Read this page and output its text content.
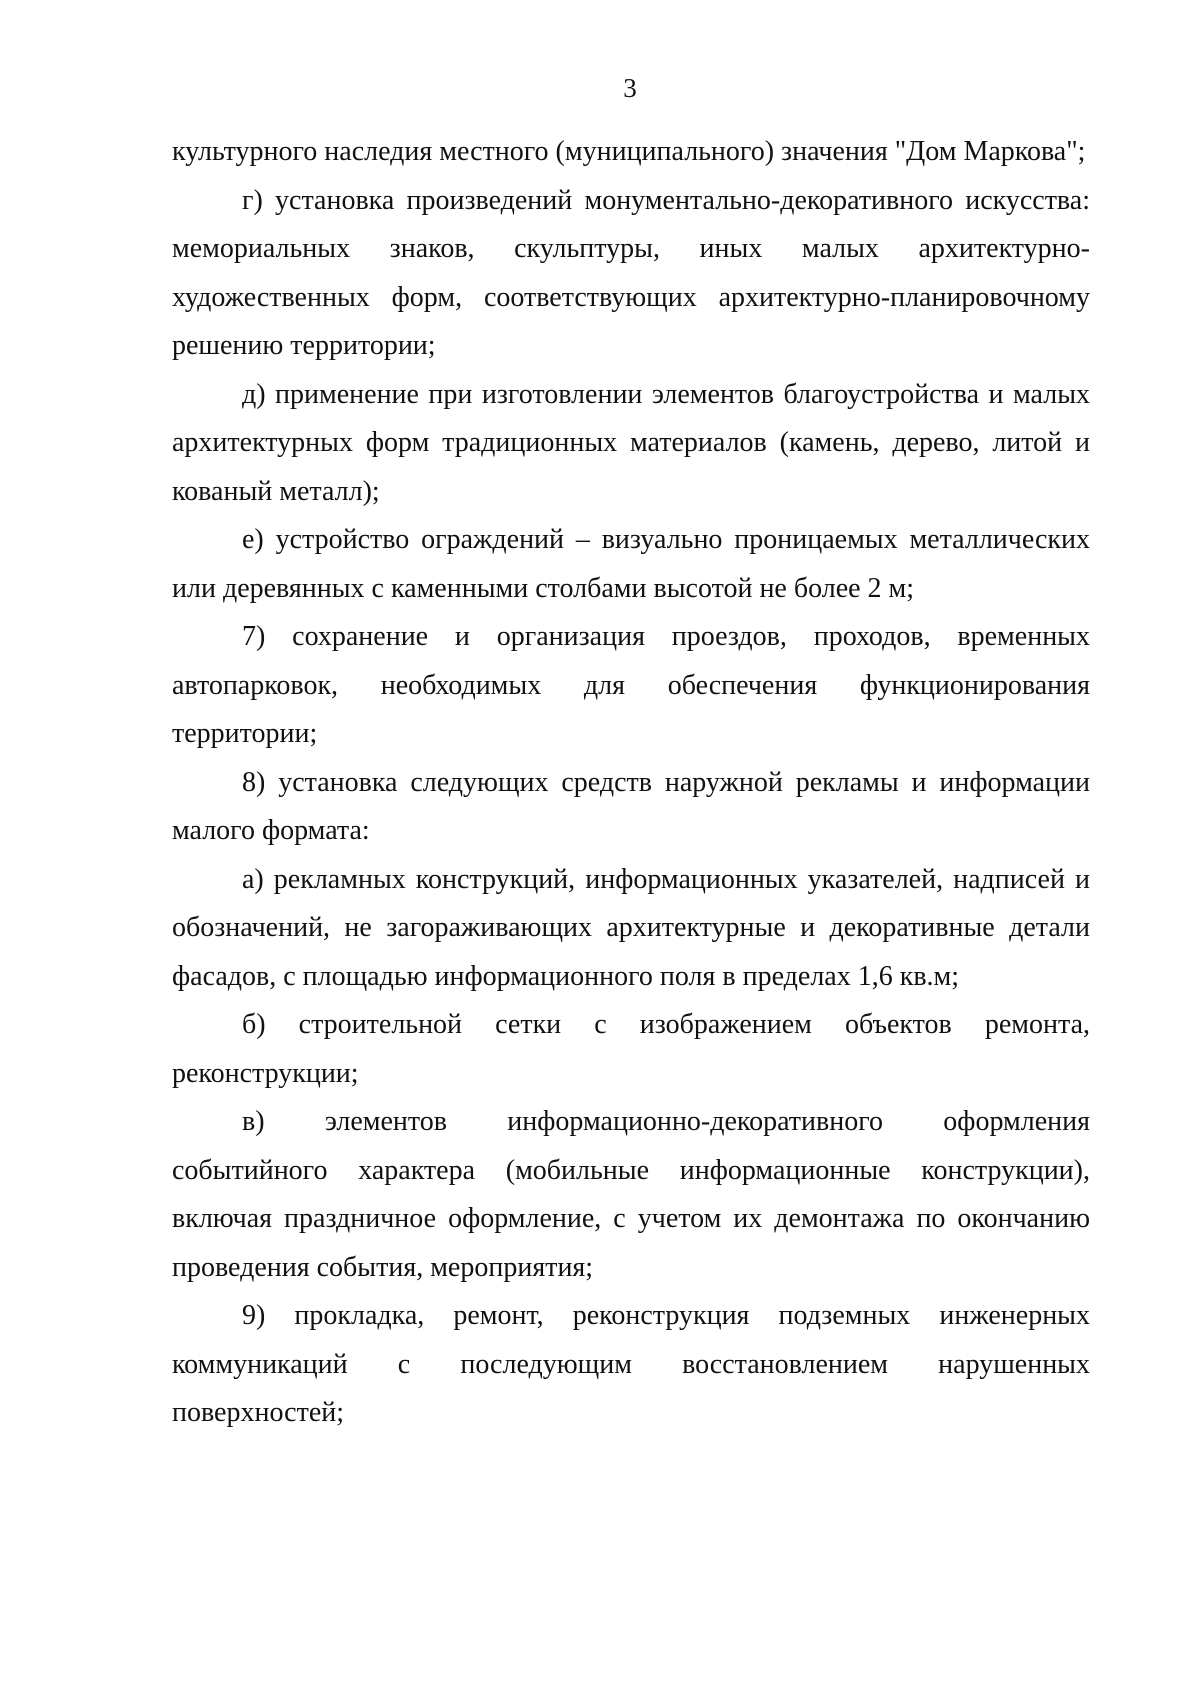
3

культурного наследия местного (муниципального) значения "Дом Маркова";

г) установка произведений монументально-декоративного искусства: мемориальных знаков, скульптуры, иных малых архитектурно-художественных форм, соответствующих архитектурно-планировочному решению территории;

д) применение при изготовлении элементов благоустройства и малых архитектурных форм традиционных материалов (камень, дерево, литой и кованый металл);

е) устройство ограждений – визуально проницаемых металлических или деревянных с каменными столбами высотой не более 2 м;

7) сохранение и организация проездов, проходов, временных автопарковок, необходимых для обеспечения функционирования территории;

8) установка следующих средств наружной рекламы и информации малого формата:

а) рекламных конструкций, информационных указателей, надписей и обозначений, не загораживающих архитектурные и декоративные детали фасадов, с площадью информационного поля в пределах 1,6 кв.м;

б) строительной сетки с изображением объектов ремонта, реконструкции;

в) элементов информационно-декоративного оформления событийного характера (мобильные информационные конструкции), включая праздничное оформление, с учетом их демонтажа по окончанию проведения события, мероприятия;

9) прокладка, ремонт, реконструкция подземных инженерных коммуникаций с последующим восстановлением нарушенных поверхностей;
